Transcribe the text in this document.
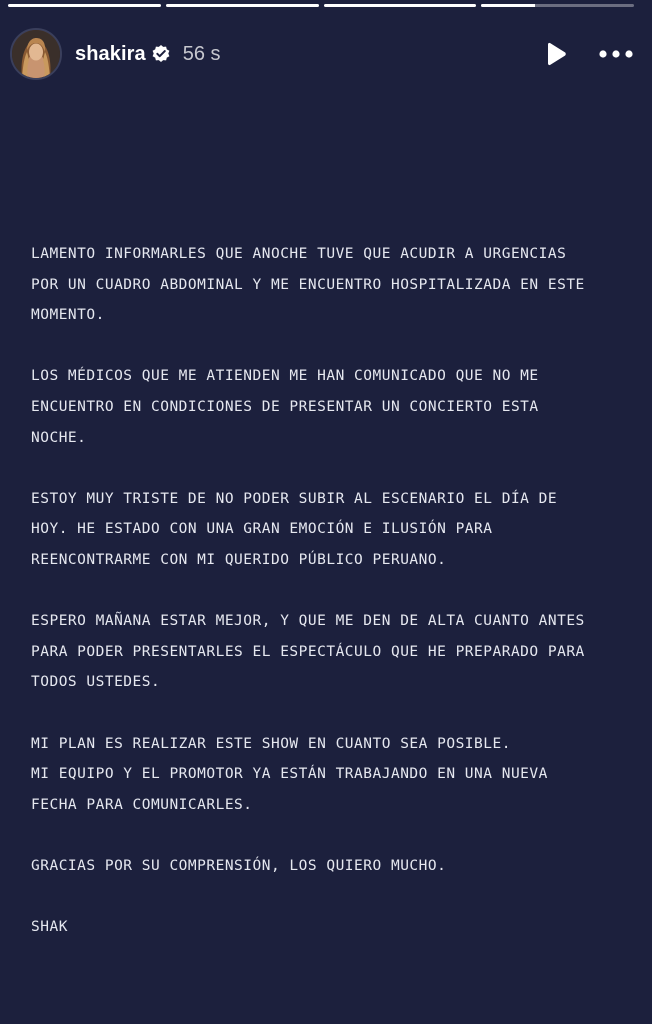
shakira 56 s

LAMENTO INFORMARLES QUE ANOCHE TUVE QUE ACUDIR A URGENCIAS
POR UN CUADRO ABDOMINAL Y ME ENCUENTRO HOSPITALIZADA EN ESTE
MOMENTO.

LOS MÉDICOS QUE ME ATIENDEN ME HAN COMUNICADO QUE NO ME
ENCUENTRO EN CONDICIONES DE PRESENTAR UN CONCIERTO ESTA
NOCHE.

ESTOY MUY TRISTE DE NO PODER SUBIR AL ESCENARIO EL DÍA DE
HOY. HE ESTADO CON UNA GRAN EMOCIÓN E ILUSIÓN PARA
REENCONTRARME CON MI QUERIDO PÚBLICO PERUANO.

ESPERO MAÑANA ESTAR MEJOR, Y QUE ME DEN DE ALTA CUANTO ANTES
PARA PODER PRESENTARLES EL ESPECTÁCULO QUE HE PREPARADO PARA
TODOS USTEDES.

MI PLAN ES REALIZAR ESTE SHOW EN CUANTO SEA POSIBLE.
MI EQUIPO Y EL PROMOTOR YA ESTÁN TRABAJANDO EN UNA NUEVA
FECHA PARA COMUNICARLES.

GRACIAS POR SU COMPRENSIÓN, LOS QUIERO MUCHO.

SHAK
